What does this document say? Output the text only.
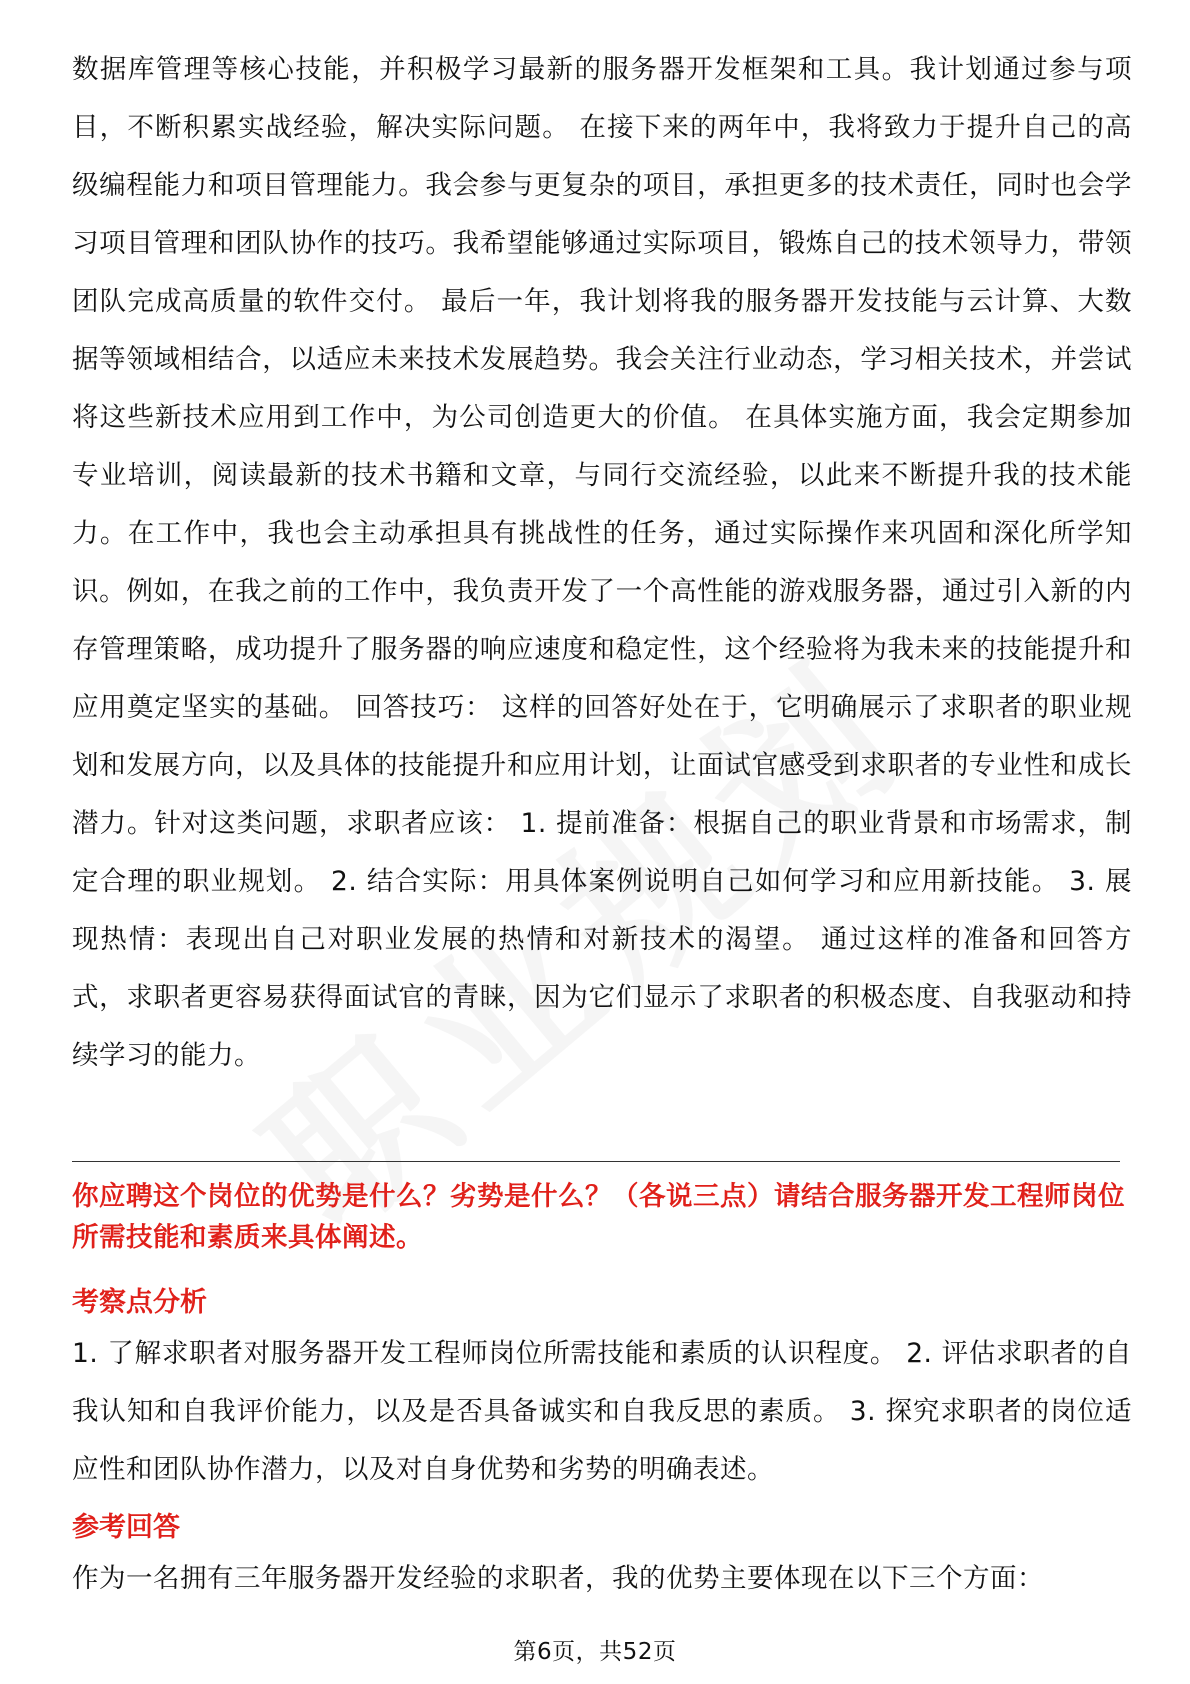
数据库管理等核心技能，并积极学习最新的服务器开发框架和工具。我计划通过参与项目，不断积累实战经验，解决实际问题。 在接下来的两年中，我将致力于提升自己的高级编程能力和项目管理能力。我会参与更复杂的项目，承担更多的技术责任，同时也会学习项目管理和团队协作的技巧。我希望能够通过实际项目，锻炼自己的技术领导力，带领团队完成高质量的软件交付。 最后一年，我计划将我的服务器开发技能与云计算、大数据等领域相结合，以适应未来技术发展趋势。我会关注行业动态，学习相关技术，并尝试将这些新技术应用到工作中，为公司创造更大的价值。 在具体实施方面，我会定期参加专业培训，阅读最新的技术书籍和文章，与同行交流经验，以此来不断提升我的技术能力。在工作中，我也会主动承担具有挑战性的任务，通过实际操作来巩固和深化所学知识。例如，在我之前的工作中，我负责开发了一个高性能的游戏服务器，通过引入新的内存管理策略，成功提升了服务器的响应速度和稳定性，这个经验将为我未来的技能提升和应用奠定坚实的基础。 回答技巧： 这样的回答好处在于，它明确展示了求职者的职业规划和发展方向，以及具体的技能提升和应用计划，让面试官感受到求职者的专业性和成长潜力。针对这类问题，求职者应该： 1. 提前准备：根据自己的职业背景和市场需求，制定合理的职业规划。 2. 结合实际：用具体案例说明自己如何学习和应用新技能。 3. 展现热情：表现出自己对职业发展的热情和对新技术的渴望。 通过这样的准备和回答方式，求职者更容易获得面试官的青睐，因为它们显示了求职者的积极态度、自我驱动和持续学习的能力。

你应聘这个岗位的优势是什么？劣势是什么？（各说三点）请结合服务器开发工程师岗位所需技能和素质来具体阐述。

考察点分析

1. 了解求职者对服务器开发工程师岗位所需技能和素质的认识程度。 2. 评估求职者的自我认知和自我评价能力，以及是否具备诚实和自我反思的素质。 3. 探究求职者的岗位适应性和团队协作潜力，以及对自身优势和劣势的明确表述。

参考回答

作为一名拥有三年服务器开发经验的求职者，我的优势主要体现在以下三个方面：

第6页，共52页
